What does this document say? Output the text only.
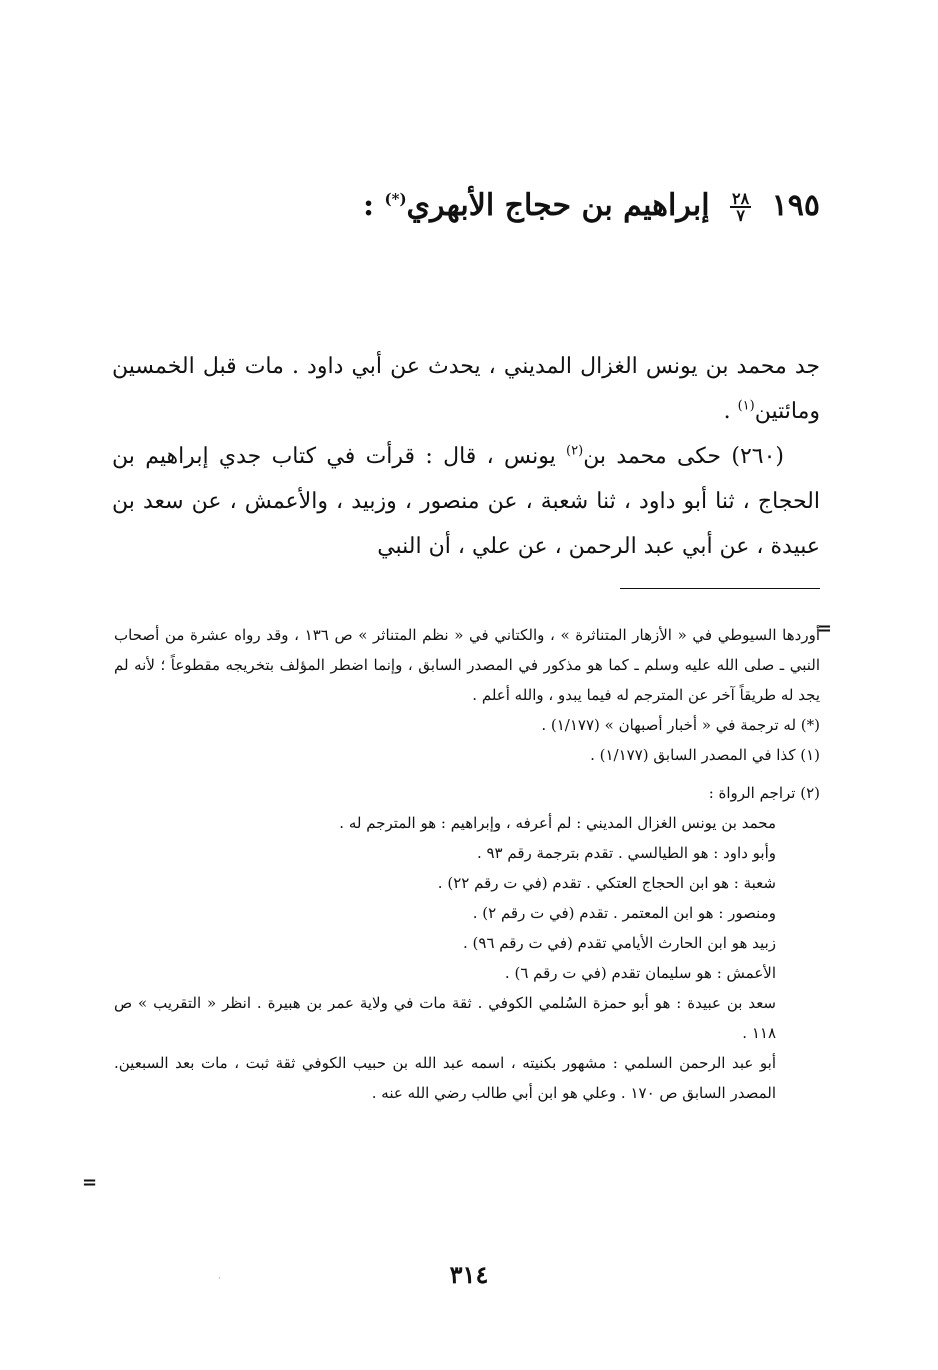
١٩٥
$\frac{٢٨}{٧}$
إبراهيم بن حجاج الأبهري(*) :

جد محمد بن يونس الغزال المديني ، يحدث عن أبي داود . مات قبل الخمسين ومائتين$^{(١)}$ .

(٢٦٠) حكى محمد بن$^{(٢)}$ يونس ، قال : قرأت في كتاب جدي إبراهيم بن الحجاج ، ثنا أبو داود ، ثنا شعبة ، عن منصور ، وزبيد ، والأعمش ، عن سعد بن عبيدة ، عن أبي عبد الرحمن ، عن علي ، أن النبي

=

أوردها السيوطي في « الأزهار المتناثرة » ، والكتاني في « نظم المتناثر » ص ١٣٦ ، وقد رواه عشرة من أصحاب النبي ـ صلى الله عليه وسلم ـ كما هو مذكور في المصدر السابق ، وإنما اضطر المؤلف بتخريجه مقطوعاً ؛ لأنه لم يجد له طريقاً آخر عن المترجم له فيما يبدو ، والله أعلم .

(*) له ترجمة في « أخبار أصبهان » (١/١٧٧) .

(١) كذا في المصدر السابق (١/١٧٧) .

(٢) تراجم الرواة :

محمد بن يونس الغزال المديني : لم أعرفه ، وإبراهيم : هو المترجم له .

وأبو داود : هو الطيالسي . تقدم بترجمة رقم ٩٣ .

شعبة : هو ابن الحجاج العتكي . تقدم (في ت رقم ٢٢) .

ومنصور : هو ابن المعتمر . تقدم (في ت رقم ٢) .

زبيد هو ابن الحارث الأيامي تقدم (في ت رقم ٩٦) .

الأعمش : هو سليمان تقدم (في ت رقم ٦) .

سعد بن عبيدة : هو أبو حمزة السُلمي الكوفي . ثقة مات في ولاية عمر بن هبيرة . انظر « التقريب » ص ١١٨ .

أبو عبد الرحمن السلمي : مشهور بكنيته ، اسمه عبد الله بن حبيب الكوفي ثقة ثبت ، مات بعد السبعين. المصدر السابق ص ١٧٠ . وعلي هو ابن أبي طالب رضي الله عنه .

=
٣١٤
·
